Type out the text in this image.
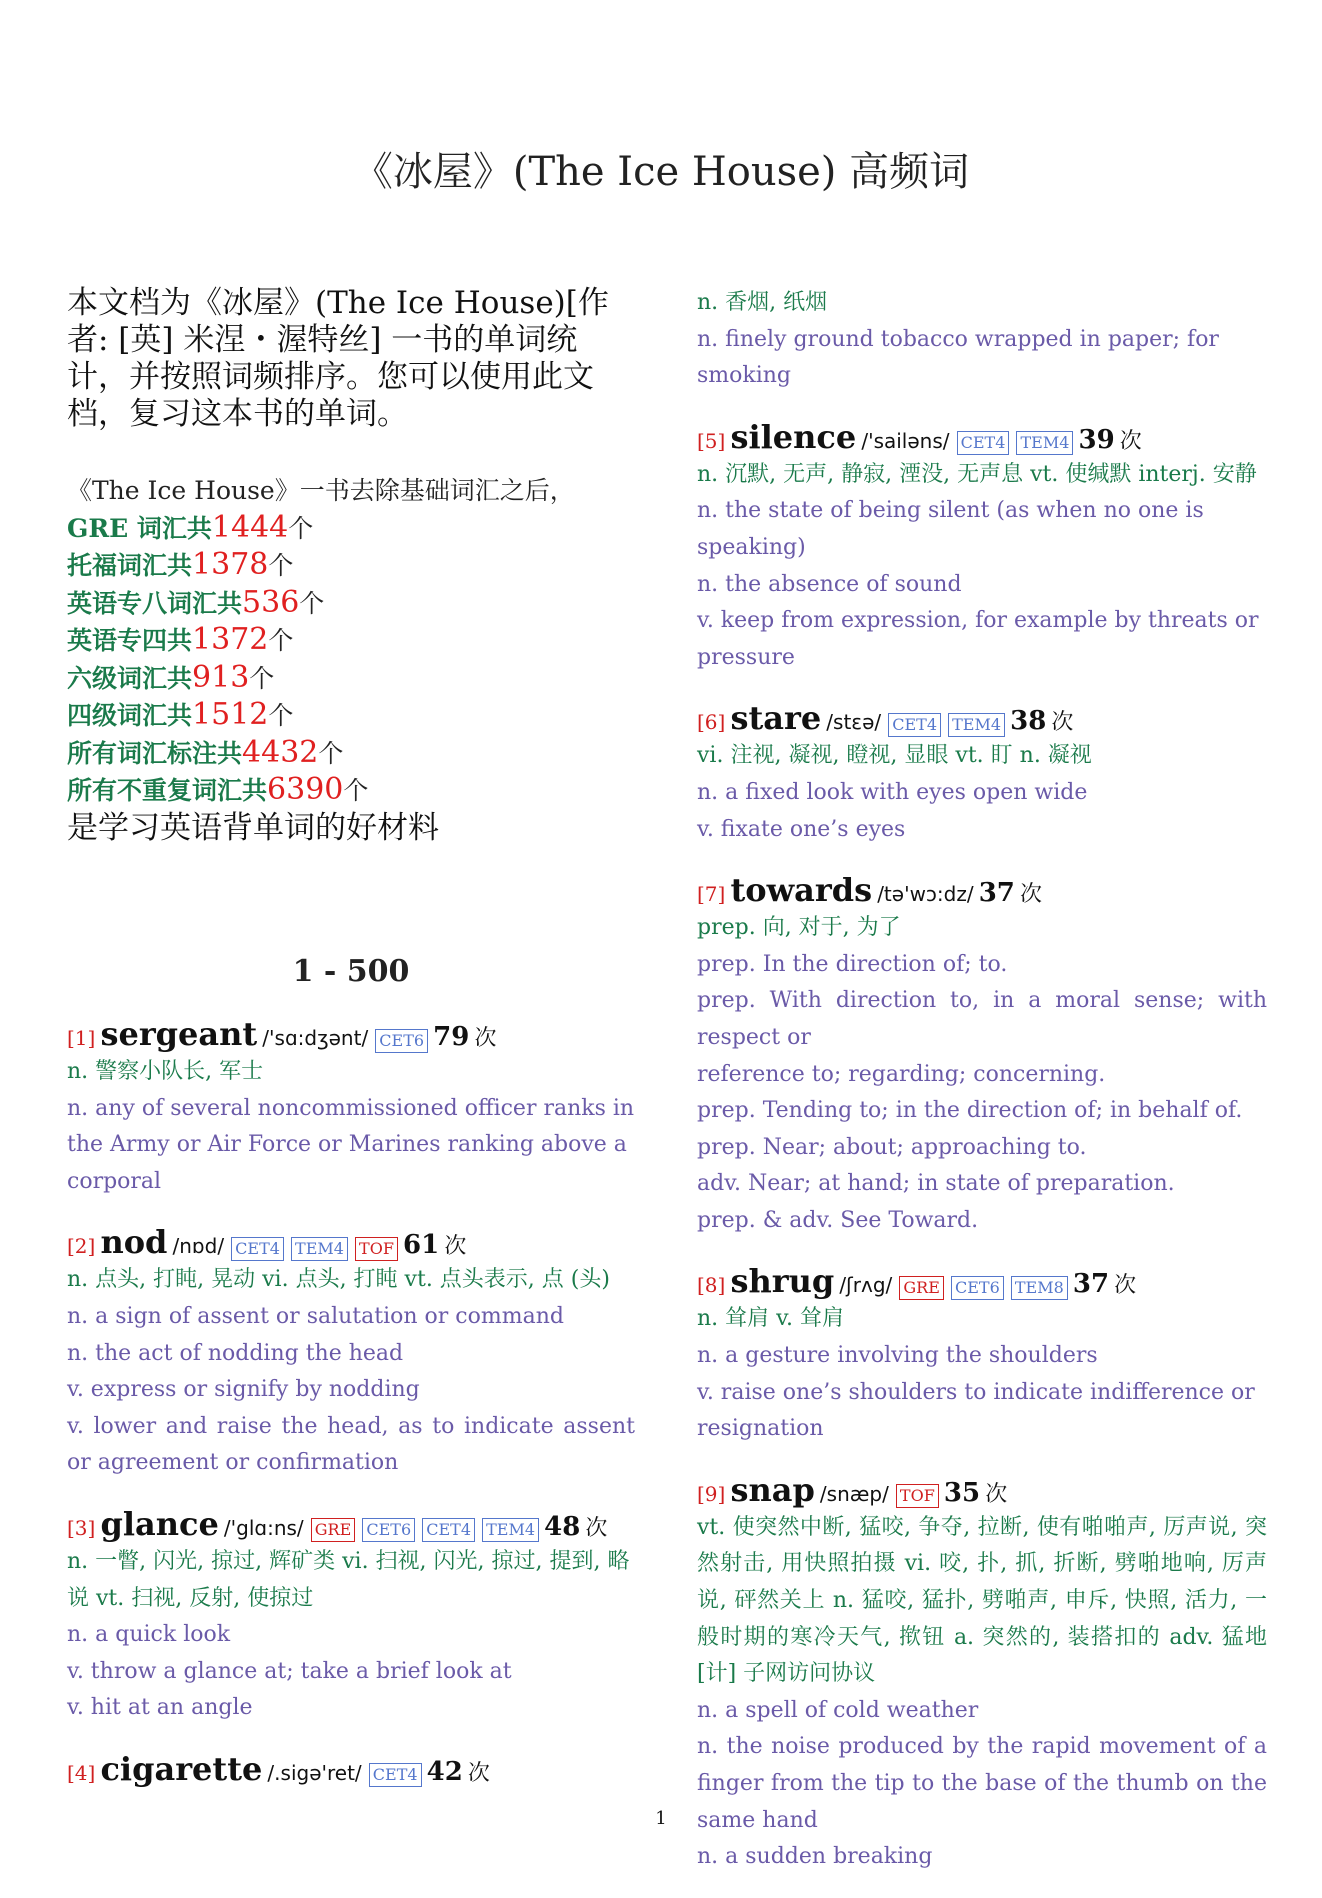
《冰屋》(The Ice House) 高频词
本文档为《冰屋》(The Ice House)[作者: [英] 米涅・渥特丝] 一书的单词统计，并按照词频排序。您可以使用此文档，复习这本书的单词。
《The Ice House》一书去除基础词汇之后，
GRE 词汇共1444个
托福词汇共1378个
英语专八词汇共536个
英语专四共1372个
六级词汇共913个
四级词汇共1512个
所有词汇标注共4432个
所有不重复词汇共6390个
是学习英语背单词的好材料
1 - 500
[1] sergeant /'sɑ:dʒənt/ CET6 79 次
n. 警察小队长, 军士
n. any of several noncommissioned officer ranks in the Army or Air Force or Marines ranking above a corporal
[2] nod /nɒd/ CET4 TEM4 TOF 61 次
n. 点头, 打盹, 晃动 vi. 点头, 打盹 vt. 点头表示, 点 (头)
n. a sign of assent or salutation or command
n. the act of nodding the head
v. express or signify by nodding
v. lower and raise the head, as to indicate assent or agreement or confirmation
[3] glance /'glɑ:ns/ GRE CET6 CET4 TEM4 48 次
n. 一瞥, 闪光, 掠过, 辉矿类 vi. 扫视, 闪光, 掠过, 提到, 略说 vt. 扫视, 反射, 使掠过
n. a quick look
v. throw a glance at; take a brief look at
v. hit at an angle
[4] cigarette /.sigə'ret/ CET4 42 次
n. 香烟, 纸烟
n. finely ground tobacco wrapped in paper; for smoking
[5] silence /'sailəns/ CET4 TEM4 39 次
n. 沉默, 无声, 静寂, 湮没, 无声息 vt. 使缄默 interj. 安静
n. the state of being silent (as when no one is speaking)
n. the absence of sound
v. keep from expression, for example by threats or pressure
[6] stare /stεə/ CET4 TEM4 38 次
vi. 注视, 凝视, 瞪视, 显眼 vt. 盯 n. 凝视
n. a fixed look with eyes open wide
v. fixate one’s eyes
[7] towards /tə'wɔ:dz/ 37 次
prep. 向, 对于, 为了
prep. In the direction of; to.
prep. With direction to, in a moral sense; with respect or
reference to; regarding; concerning.
prep. Tending to; in the direction of; in behalf of.
prep. Near; about; approaching to.
adv. Near; at hand; in state of preparation.
prep. & adv. See Toward.
[8] shrug /ʃrʌg/ GRE CET6 TEM8 37 次
n. 耸肩 v. 耸肩
n. a gesture involving the shoulders
v. raise one’s shoulders to indicate indifference or resignation
[9] snap /snæp/ TOF 35 次
vt. 使突然中断, 猛咬, 争夺, 拉断, 使有啪啪声, 厉声说, 突然射击, 用快照拍摄 vi. 咬, 扑, 抓, 折断, 劈啪地响, 厉声说, 砰然关上 n. 猛咬, 猛扑, 劈啪声, 申斥, 快照, 活力, 一般时期的寒冷天气, 揿钮 a. 突然的, 装搭扣的 adv. 猛地 [计] 子网访问协议
n. a spell of cold weather
n. the noise produced by the rapid movement of a finger from the tip to the base of the thumb on the same hand
n. a sudden breaking
1
